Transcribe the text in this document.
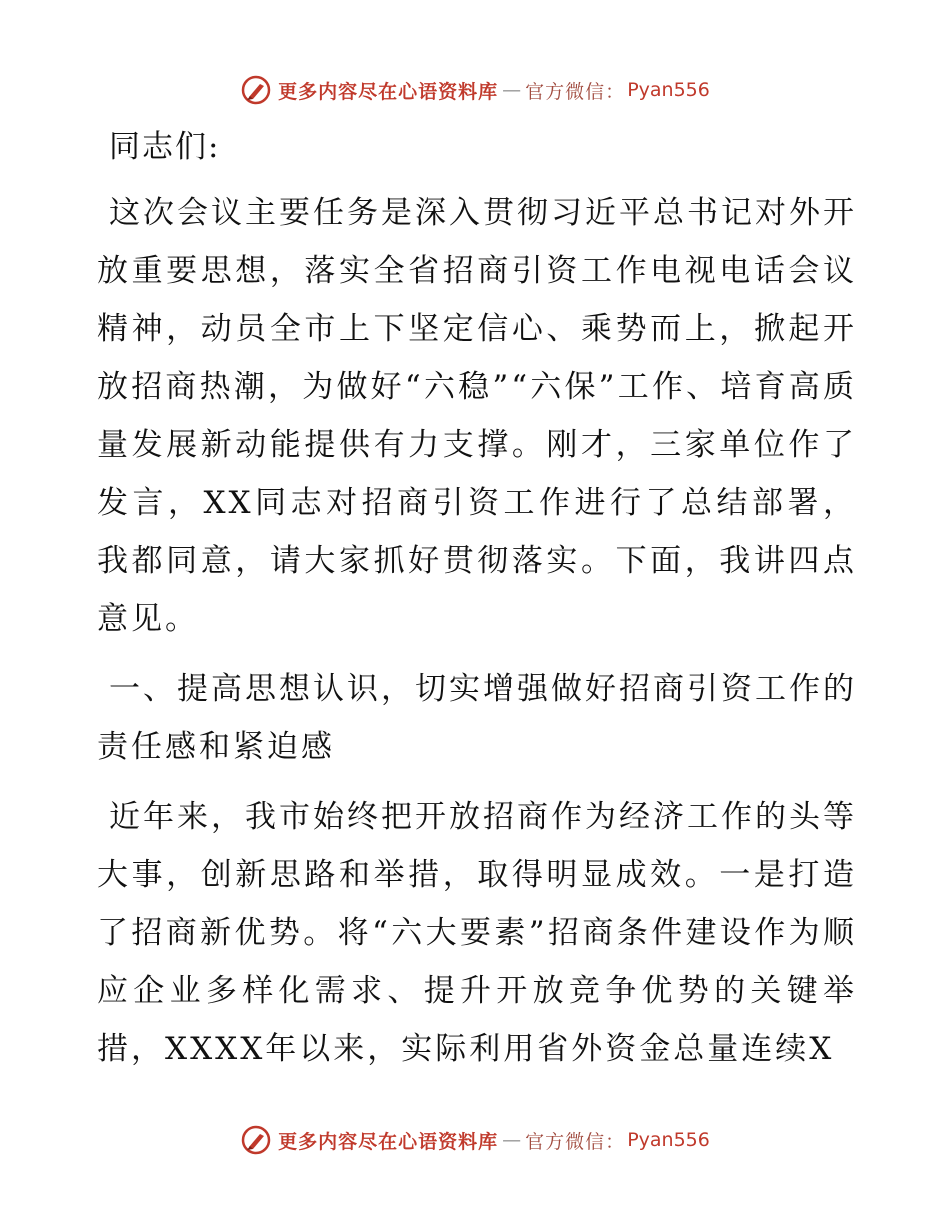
更多内容尽在心语资料库 — 官方微信： Pyan556

同志们:

这次会议主要任务是深入贯彻习近平总书记对外开放重要思想，落实全省招商引资工作电视电话会议精神，动员全市上下坚定信心、乘势而上，掀起开放招商热潮，为做好“六稳”“六保”工作、培育高质量发展新动能提供有力支撑。刚才，三家单位作了发言，XX同志对招商引资工作进行了总结部署，我都同意，请大家抓好贯彻落实。下面，我讲四点意见。

一、提高思想认识，切实增强做好招商引资工作的责任感和紧迫感

近年来，我市始终把开放招商作为经济工作的头等大事，创新思路和举措，取得明显成效。一是打造了招商新优势。将“六大要素”招商条件建设作为顺应企业多样化需求、提升开放竞争优势的关键举措，XXXX年以来，实际利用省外资金总量连续X

更多内容尽在心语资料库 — 官方微信： Pyan556
